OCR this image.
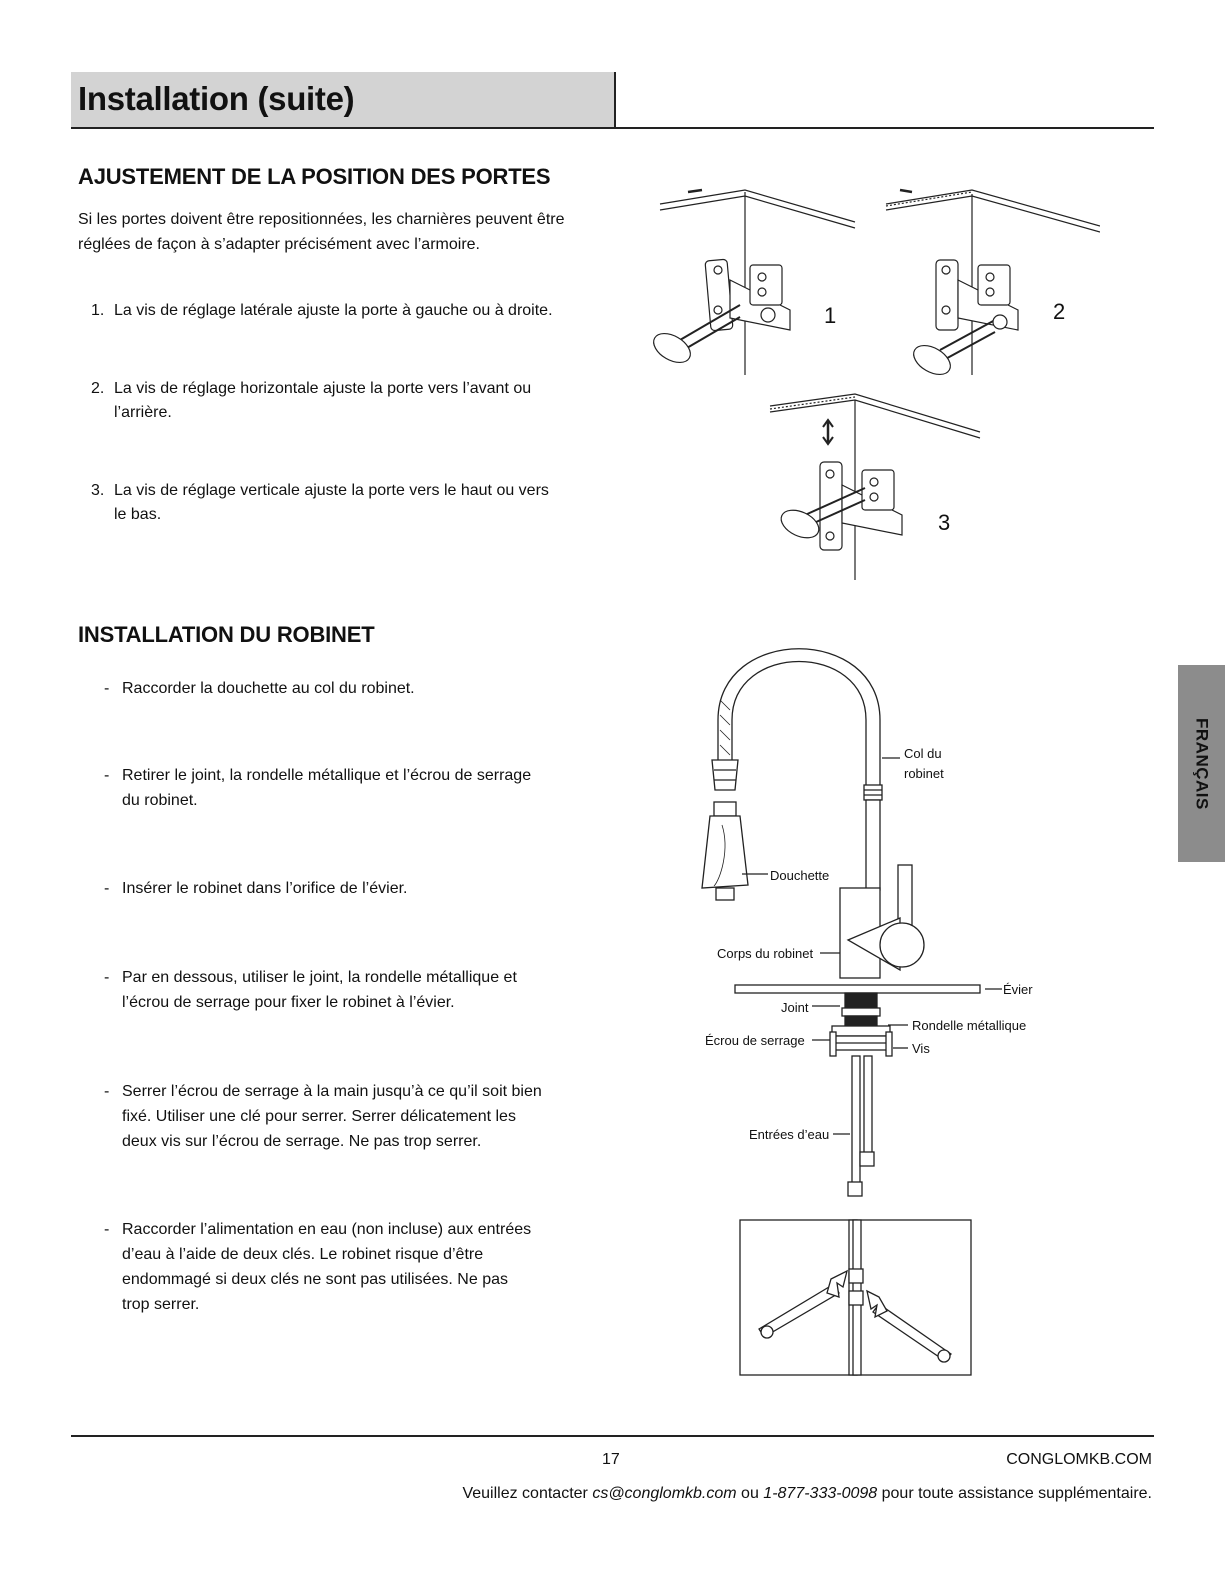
Installation (suite)
AJUSTEMENT DE LA POSITION DES PORTES
Si les portes doivent être repositionnées, les charnières peuvent être
réglées de façon à s’adapter précisément avec l’armoire.
1. La vis de réglage latérale ajuste la porte à gauche ou à droite.
2. La vis de réglage horizontale ajuste la porte vers l’avant ou
l’arrière.
3. La vis de réglage verticale ajuste la porte vers le haut ou vers
le bas.
1	2
3
INSTALLATION DU ROBINET
- Raccorder la douchette au col du robinet.
- Retirer le joint, la rondelle métallique et l’écrou de serrage
du robinet.
- Insérer le robinet dans l’orifice de l’évier.
- Par en dessous, utiliser le joint, la rondelle métallique et
l’écrou de serrage pour fixer le robinet à l’évier.
- Serrer l’écrou de serrage à la main jusqu’à ce qu’il soit bien
fixé. Utiliser une clé pour serrer. Serrer délicatement les
deux vis sur l’écrou de serrage. Ne pas trop serrer.
- Raccorder l’alimentation en eau (non incluse) aux entrées
d’eau à l’aide de deux clés. Le robinet risque d’être
endommagé si deux clés ne sont pas utilisées. Ne pas
trop serrer.
Col du
robinet
Douchette
Corps du robinet
Évier
Joint
Rondelle métallique
Écrou de serrage
Vis
Entrées d’eau
FRANÇAIS
17	CONGLOMKB.COM
Veuillez contacter cs@conglomkb.com ou 1-877-333-0098 pour toute assistance supplémentaire.
